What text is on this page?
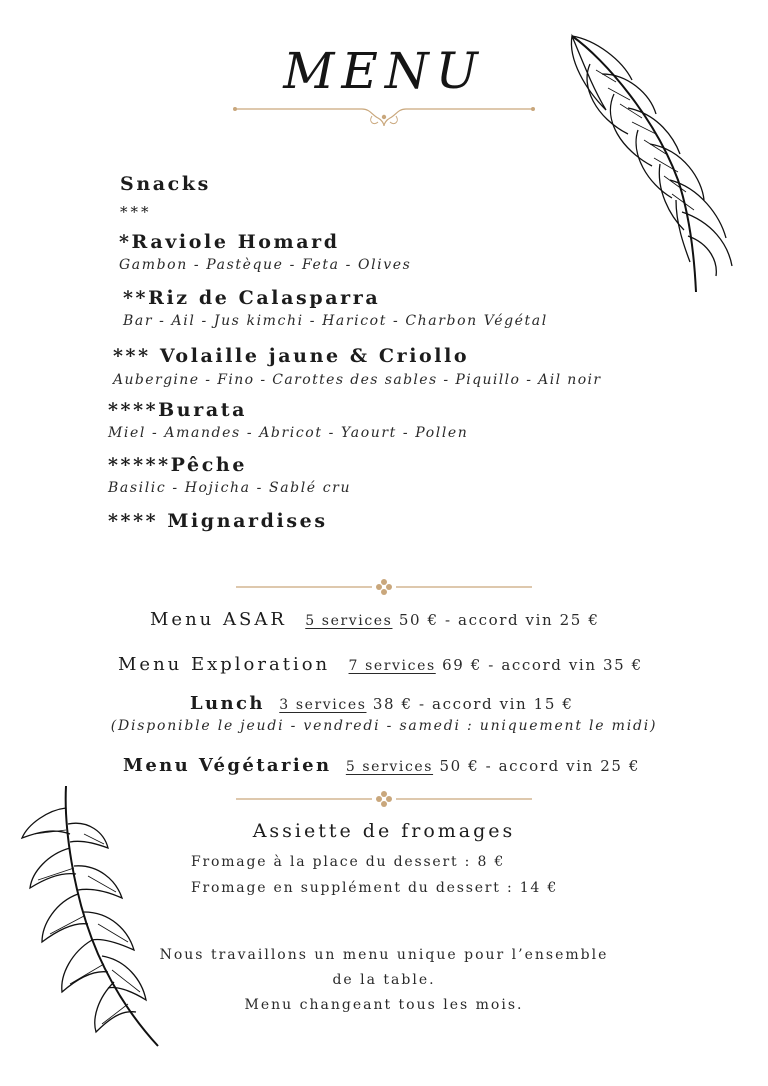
MENU
Snacks
***
*Raviole Homard
Gambon - Pastèque - Feta - Olives
**Riz de Calasparra
Bar - Ail - Jus kimchi - Haricot - Charbon Végétal
*** Volaille jaune & Criollo
Aubergine - Fino - Carottes des sables - Piquillo - Ail noir
****Burata
Miel - Amandes - Abricot - Yaourt - Pollen
*****Pêche
Basilic - Hojicha - Sablé cru
**** Mignardises
Menu ASAR 5 services 50 € - accord vin 25 €
Menu Exploration 7 services 69 € - accord vin 35 €
Lunch 3 services 38 € - accord vin 15 €
(Disponible le jeudi - vendredi - samedi : uniquement le midi)
Menu Végétarien 5 services 50 € - accord vin 25 €
Assiette de fromages
Fromage à la place du dessert : 8 €
Fromage en supplément du dessert : 14 €
Nous travaillons un menu unique pour l’ensemble
de la table.
Menu changeant tous les mois.
